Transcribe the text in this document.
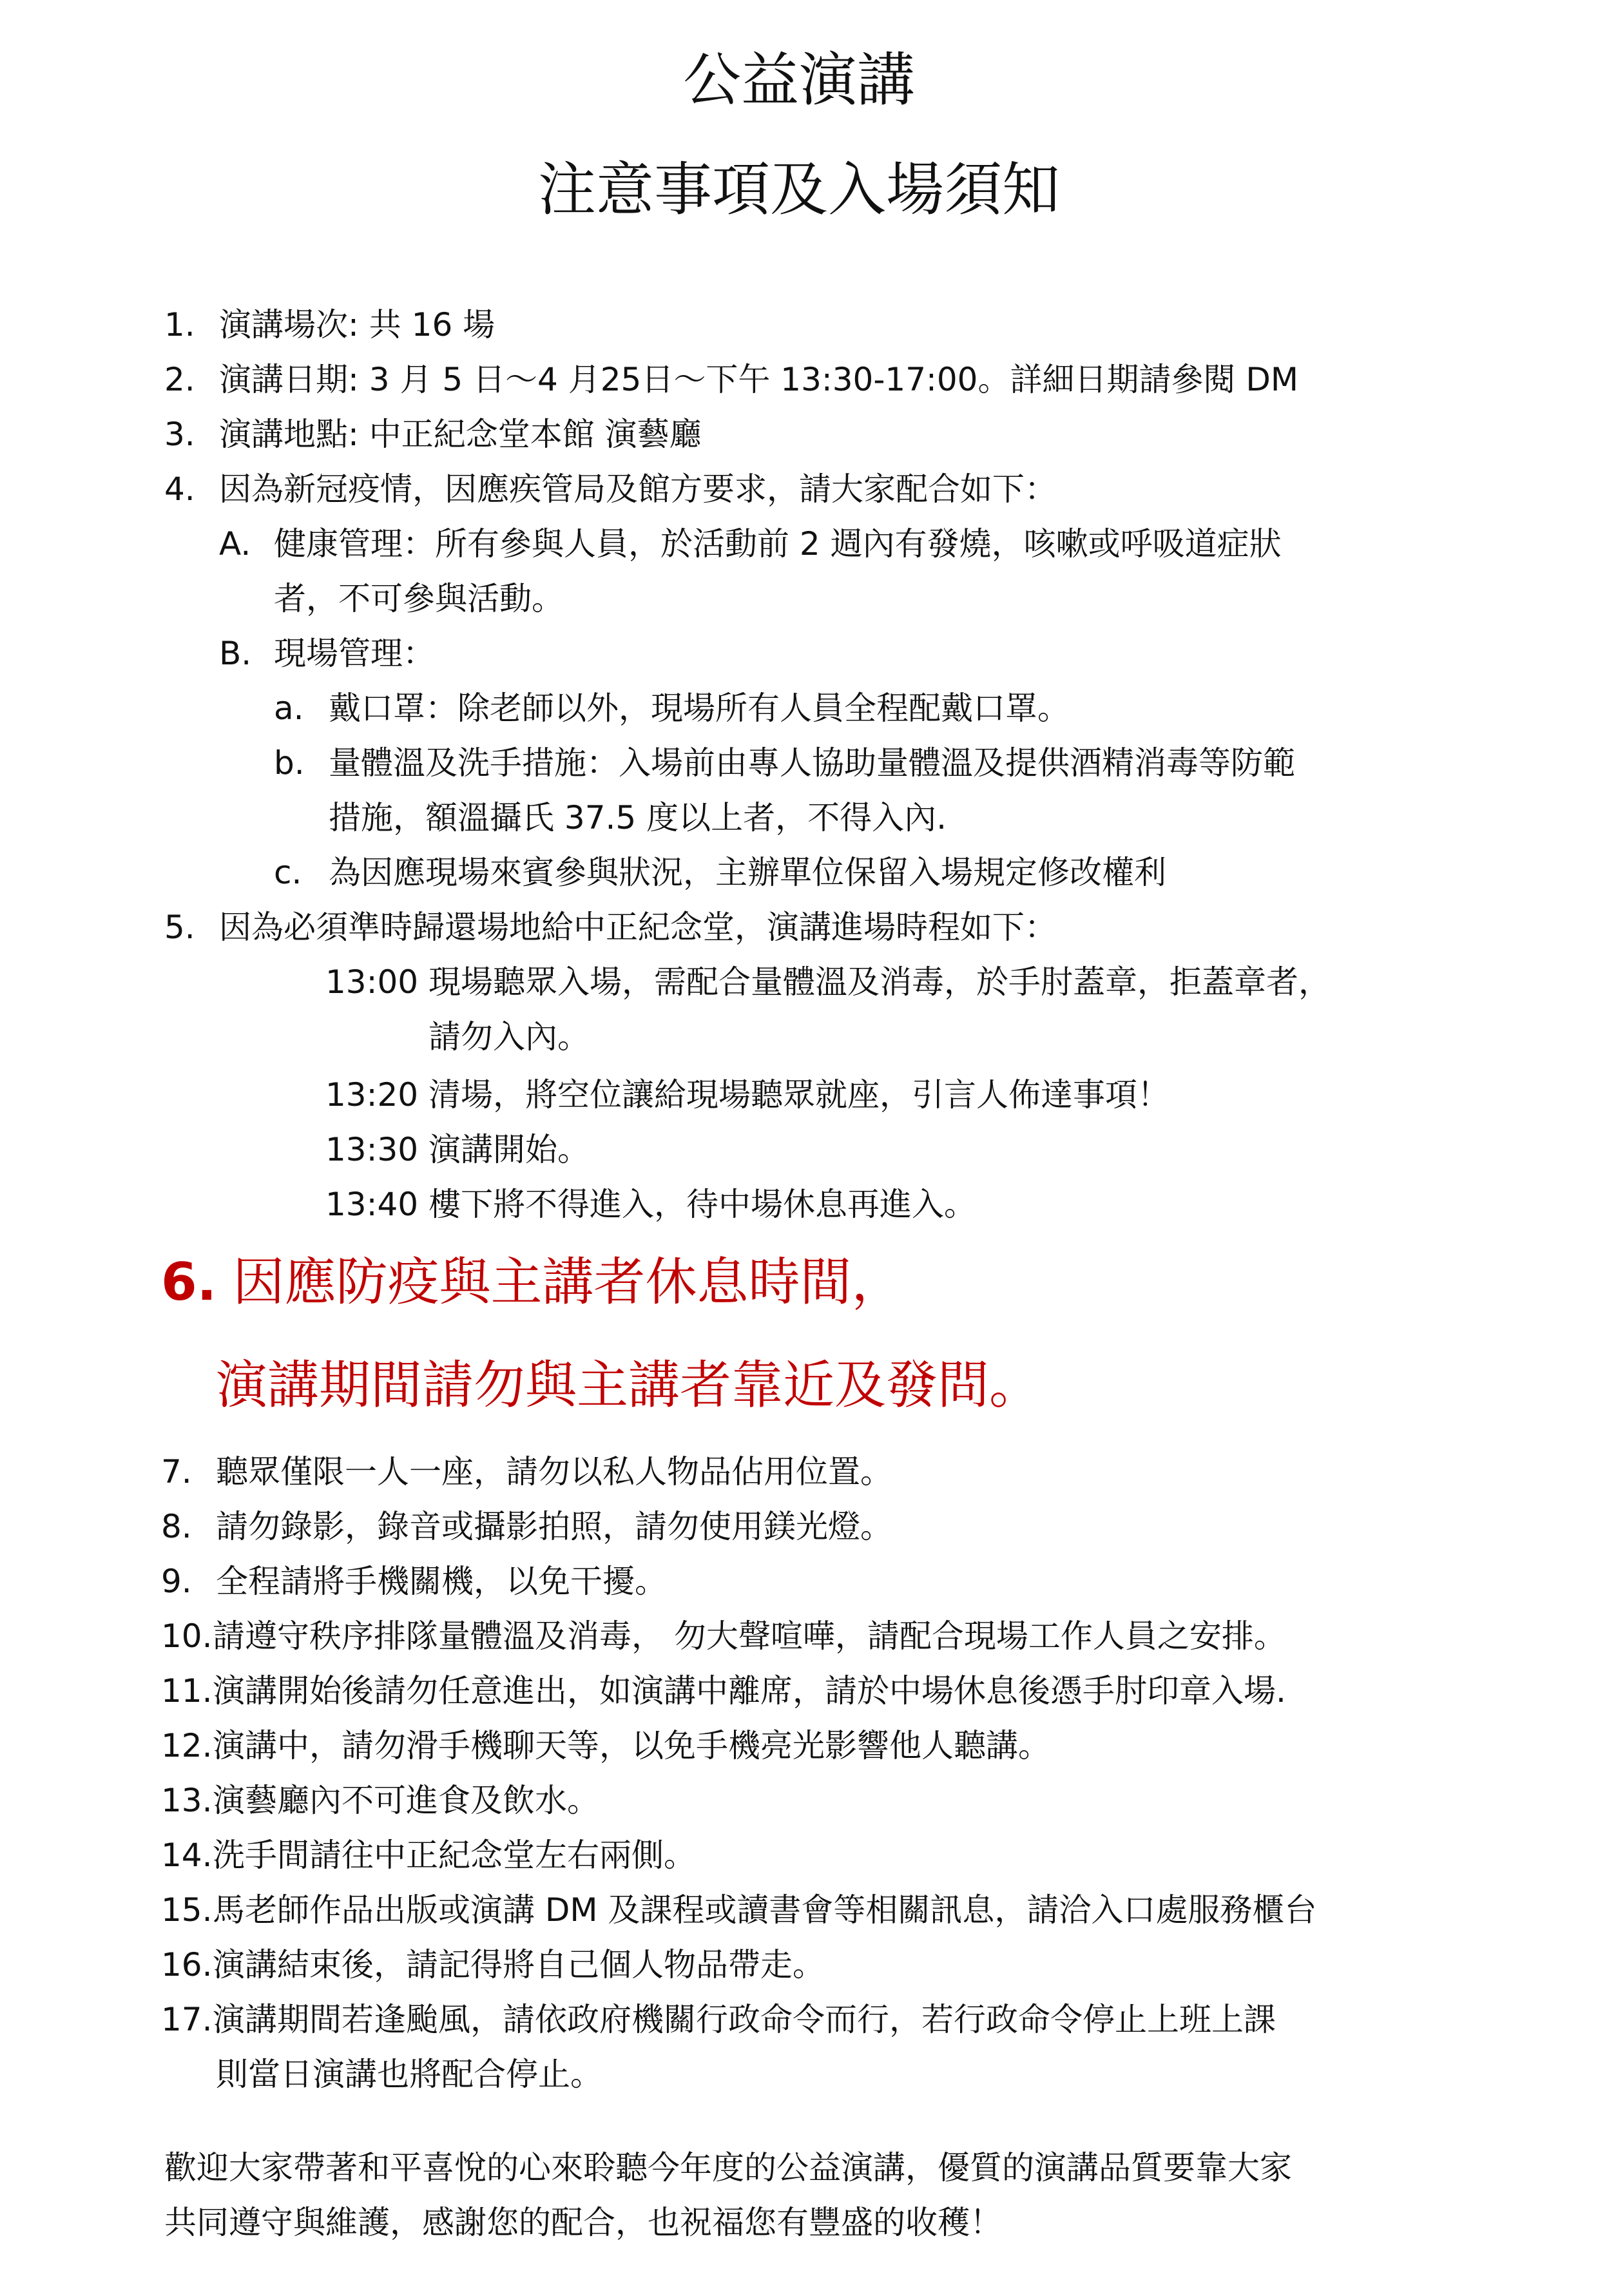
公益演講
注意事項及入場須知
1. 演講場次: 共 16 場
2. 演講日期: 3 月 5 日～4 月25日～下午 13:30-17:00。詳細日期請參閱 DM
3. 演講地點: 中正紀念堂本館 演藝廳
4. 因為新冠疫情，因應疾管局及館方要求，請大家配合如下：
A. 健康管理：所有參與人員，於活動前 2 週內有發燒，咳嗽或呼吸道症狀
者，不可參與活動。
B. 現場管理：
a. 戴口罩：除老師以外，現場所有人員全程配戴口罩。
b. 量體溫及洗手措施：入場前由專人協助量體溫及提供酒精消毒等防範
措施，額溫攝氏 37.5 度以上者，不得入內.
c. 為因應現場來賓參與狀況，主辦單位保留入場規定修改權利
5. 因為必須準時歸還場地給中正紀念堂，演講進場時程如下：
13:00 現場聽眾入場，需配合量體溫及消毒，於手肘蓋章，拒蓋章者，
請勿入內。
13:20 清場，將空位讓給現場聽眾就座，引言人佈達事項！
13:30 演講開始。
13:40 樓下將不得進入，待中場休息再進入。
6. 因應防疫與主講者休息時間，
演講期間請勿與主講者靠近及發問。
7. 聽眾僅限一人一座，請勿以私人物品佔用位置。
8. 請勿錄影，錄音或攝影拍照，請勿使用鎂光燈。
9. 全程請將手機關機，以免干擾。
10. 請遵守秩序排隊量體溫及消毒， 勿大聲喧嘩，請配合現場工作人員之安排。
11. 演講開始後請勿任意進出，如演講中離席，請於中場休息後憑手肘印章入場.
12. 演講中，請勿滑手機聊天等，以免手機亮光影響他人聽講。
13. 演藝廳內不可進食及飲水。
14. 洗手間請往中正紀念堂左右兩側。
15. 馬老師作品出版或演講 DM 及課程或讀書會等相關訊息，請洽入口處服務櫃台
16. 演講結束後，請記得將自己個人物品帶走。
17. 演講期間若逢颱風，請依政府機關行政命令而行，若行政命令停止上班上課
則當日演講也將配合停止。
歡迎大家帶著和平喜悅的心來聆聽今年度的公益演講，優質的演講品質要靠大家
共同遵守與維護，感謝您的配合，也祝福您有豐盛的收穫！
